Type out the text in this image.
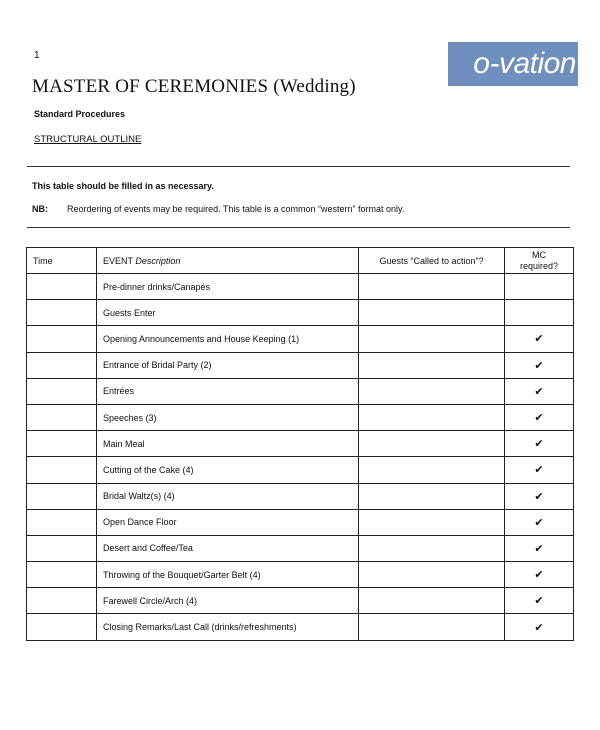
1	o-vation
MASTER OF CEREMONIES (Wedding)
Standard Procedures
STRUCTURAL OUTLINE
This table should be filled in as necessary.
NB: Reordering of events may be required. This table is a common “western” format only.
Time	EVENT Description	Guests “Called to action”?	MC
required?
	Pre-dinner drinks/Canapés		
	Guests Enter		
	Opening Announcements and House Keeping (1)		✔
	Entrance of Bridal Party (2)		✔
	Entrées		✔
	Speeches (3)		✔
	Main Meal		✔
	Cutting of the Cake (4)		✔
	Bridal Waltz(s) (4)		✔
	Open Dance Floor		✔
	Desert and Coffee/Tea		✔
	Throwing of the Bouquet/Garter Belt (4)		✔
	Farewell Circle/Arch (4)		✔
	Closing Remarks/Last Call (drinks/refreshments)		✔
